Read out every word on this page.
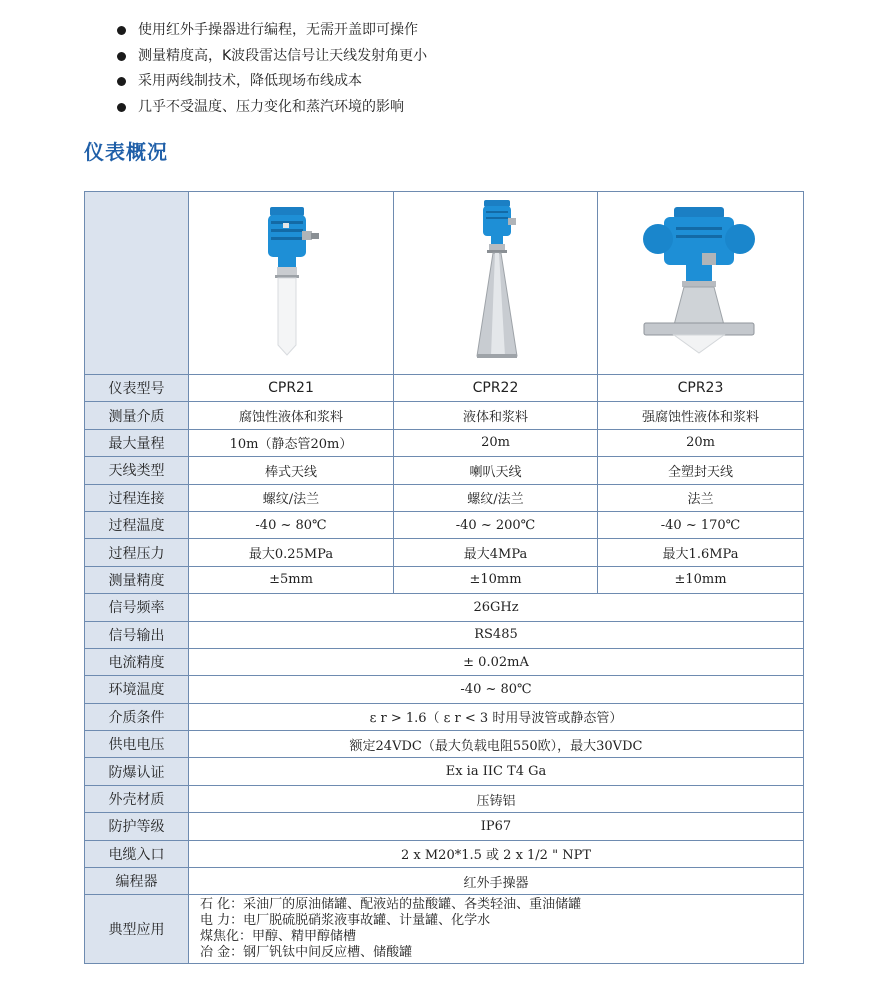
使用红外手操器进行编程，无需开盖即可操作
测量精度高，K波段雷达信号让天线发射角更小
采用两线制技术，降低现场布线成本
几乎不受温度、压力变化和蒸汽环境的影响
仪表概况

仪表型号	CPR21	CPR22	CPR23
测量介质	腐蚀性液体和浆料	液体和浆料	强腐蚀性液体和浆料
最大量程	10m（静态管20m）	20m	20m
天线类型	棒式天线	喇叭天线	全塑封天线
过程连接	螺纹/法兰	螺纹/法兰	法兰
过程温度	-40 ~ 80℃	-40 ~ 200℃	-40 ~ 170℃
过程压力	最大0.25MPa	最大4MPa	最大1.6MPa
测量精度	±5mm	±10mm	±10mm
信号频率	26GHz		
信号输出	RS485		
电流精度	± 0.02mA		
环境温度	-40 ~ 80℃		
介质条件	ε r > 1.6（ ε r < 3 时用导波管或静态管）		
供电电压	额定24VDC（最大负载电阻550欧），最大30VDC		
防爆认证	Ex ia IIC T4 Ga		
外壳材质	压铸铝		
防护等级	IP67		
电缆入口	2 x M20*1.5 或 2 x 1/2 " NPT		
编程器	红外手操器		
典型应用	石 化：采油厂的原油储罐、配液站的盐酸罐、各类轻油、重油储罐
电 力：电厂脱硫脱硝浆液事故罐、计量罐、化学水
煤焦化：甲醇、精甲醇储槽
冶 金：钢厂钒钛中间反应槽、储酸罐		
